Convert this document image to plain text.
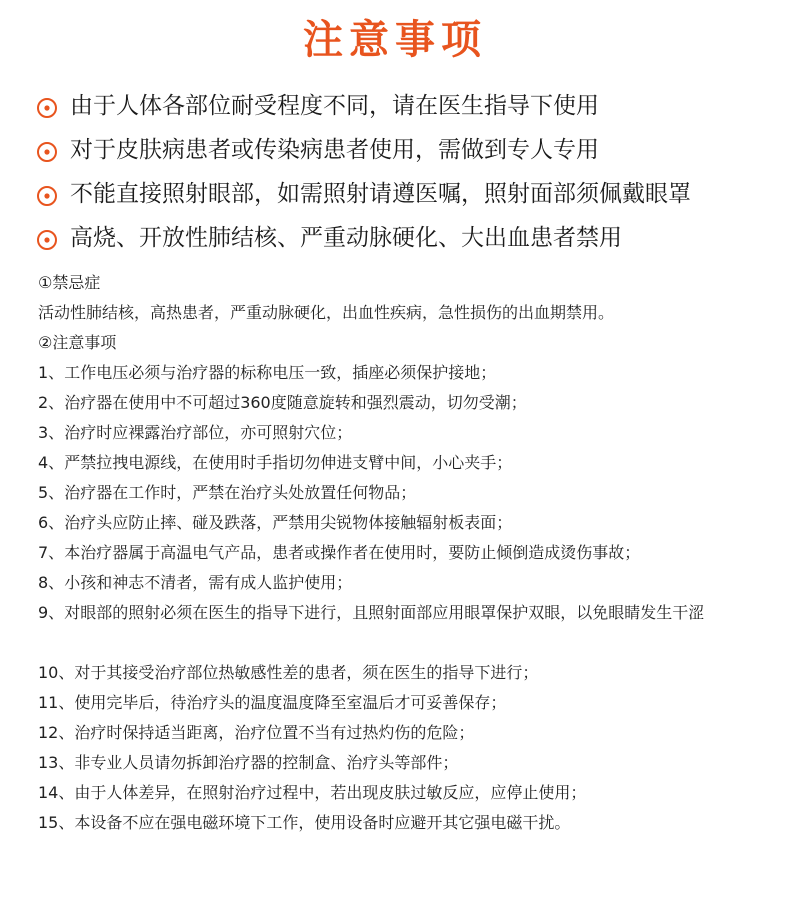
注意事项
由于人体各部位耐受程度不同，请在医生指导下使用
对于皮肤病患者或传染病患者使用，需做到专人专用
不能直接照射眼部，如需照射请遵医嘱，照射面部须佩戴眼罩
高烧、开放性肺结核、严重动脉硬化、大出血患者禁用
①禁忌症
活动性肺结核，高热患者，严重动脉硬化，出血性疾病，急性损伤的出血期禁用。
②注意事项
1、 工作电压必须与治疗器的标称电压一致，插座必须保护接地；
2、 治疗器在使用中不可超过360度随意旋转和强烈震动，切勿受潮；
3、 治疗时应裸露治疗部位，亦可照射穴位；
4、 严禁拉拽电源线，在使用时手指切勿伸进支臂中间，小心夹手；
5、 治疗器在工作时，严禁在治疗头处放置任何物品；
6、 治疗头应防止摔、碰及跌落，严禁用尖锐物体接触辐射板表面；
7、 本治疗器属于高温电气产品，患者或操作者在使用时，要防止倾倒造成烫伤事故；
8、 小孩和神志不清者，需有成人监护使用；
9、 对眼部的照射必须在医生的指导下进行，且照射面部应用眼罩保护双眼，以免眼睛发生干涩
10、 对于其接受治疗部位热敏感性差的患者，须在医生的指导下进行；
11、 使用完毕后，待治疗头的温度温度降至室温后才可妥善保存；
12、 治疗时保持适当距离，治疗位置不当有过热灼伤的危险；
13、 非专业人员请勿拆卸治疗器的控制盒、治疗头等部件；
14、 由于人体差异，在照射治疗过程中，若出现皮肤过敏反应，应停止使用；
15、 本设备不应在强电磁环境下工作，使用设备时应避开其它强电磁干扰。
